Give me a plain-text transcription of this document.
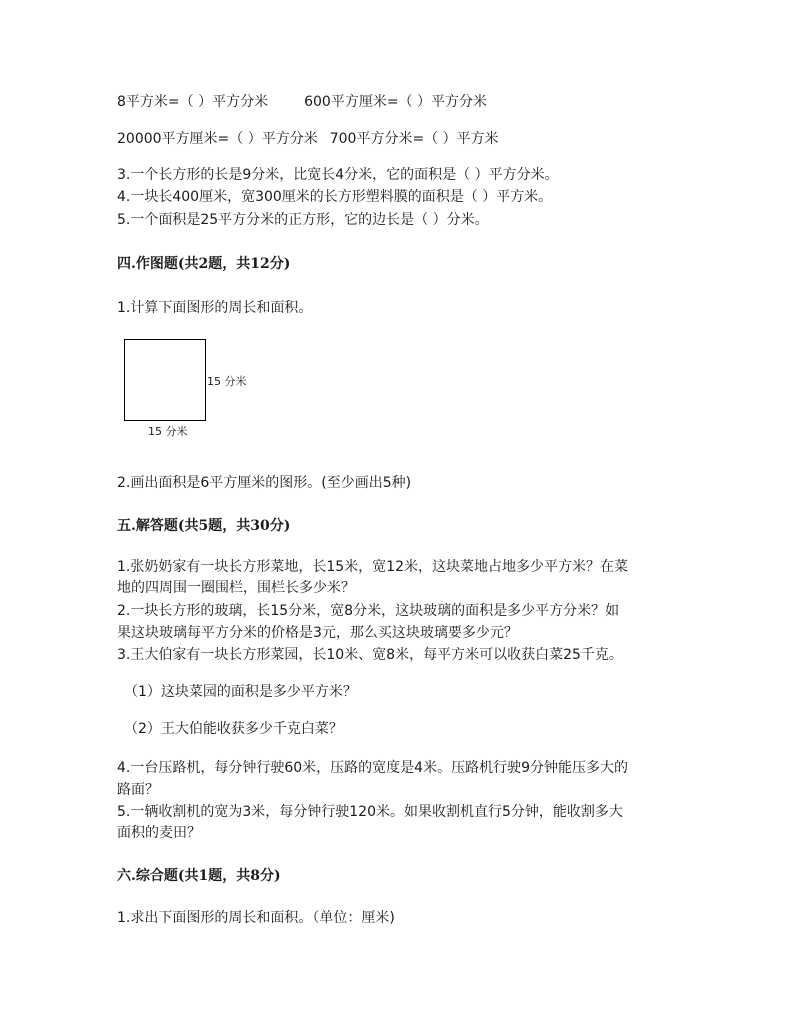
8平方米=（ ）平方分米	600平方厘米=（ ）平方分米
20000平方厘米=（ ）平方分米 700平方分米=（ ）平方米
3.一个长方形的长是9分米，比宽长4分米，它的面积是（ ）平方分米。
4.一块长400厘米，宽300厘米的长方形塑料膜的面积是（ ）平方米。
5.一个面积是25平方分米的正方形，它的边长是（ ）分米。
四.作图题(共2题，共12分)
1.计算下面图形的周长和面积。
15 分米
15 分米
2.画出面积是6平方厘米的图形。(至少画出5种)
五.解答题(共5题，共30分)
1.张奶奶家有一块长方形菜地，长15米，宽12米，这块菜地占地多少平方米？在菜
地的四周围一圈围栏，围栏长多少米？
2.一块长方形的玻璃，长15分米，宽8分米，这块玻璃的面积是多少平方分米？如
果这块玻璃每平方分米的价格是3元，那么买这块玻璃要多少元？
3.王大伯家有一块长方形菜园，长10米、宽8米，每平方米可以收获白菜25千克。
（1）这块菜园的面积是多少平方米？
（2）王大伯能收获多少千克白菜？
4.一台压路机，每分钟行驶60米，压路的宽度是4米。压路机行驶9分钟能压多大的
路面？
5.一辆收割机的宽为3米，每分钟行驶120米。如果收割机直行5分钟，能收割多大
面积的麦田？
六.综合题(共1题，共8分)
1.求出下面图形的周长和面积。（单位：厘米)
